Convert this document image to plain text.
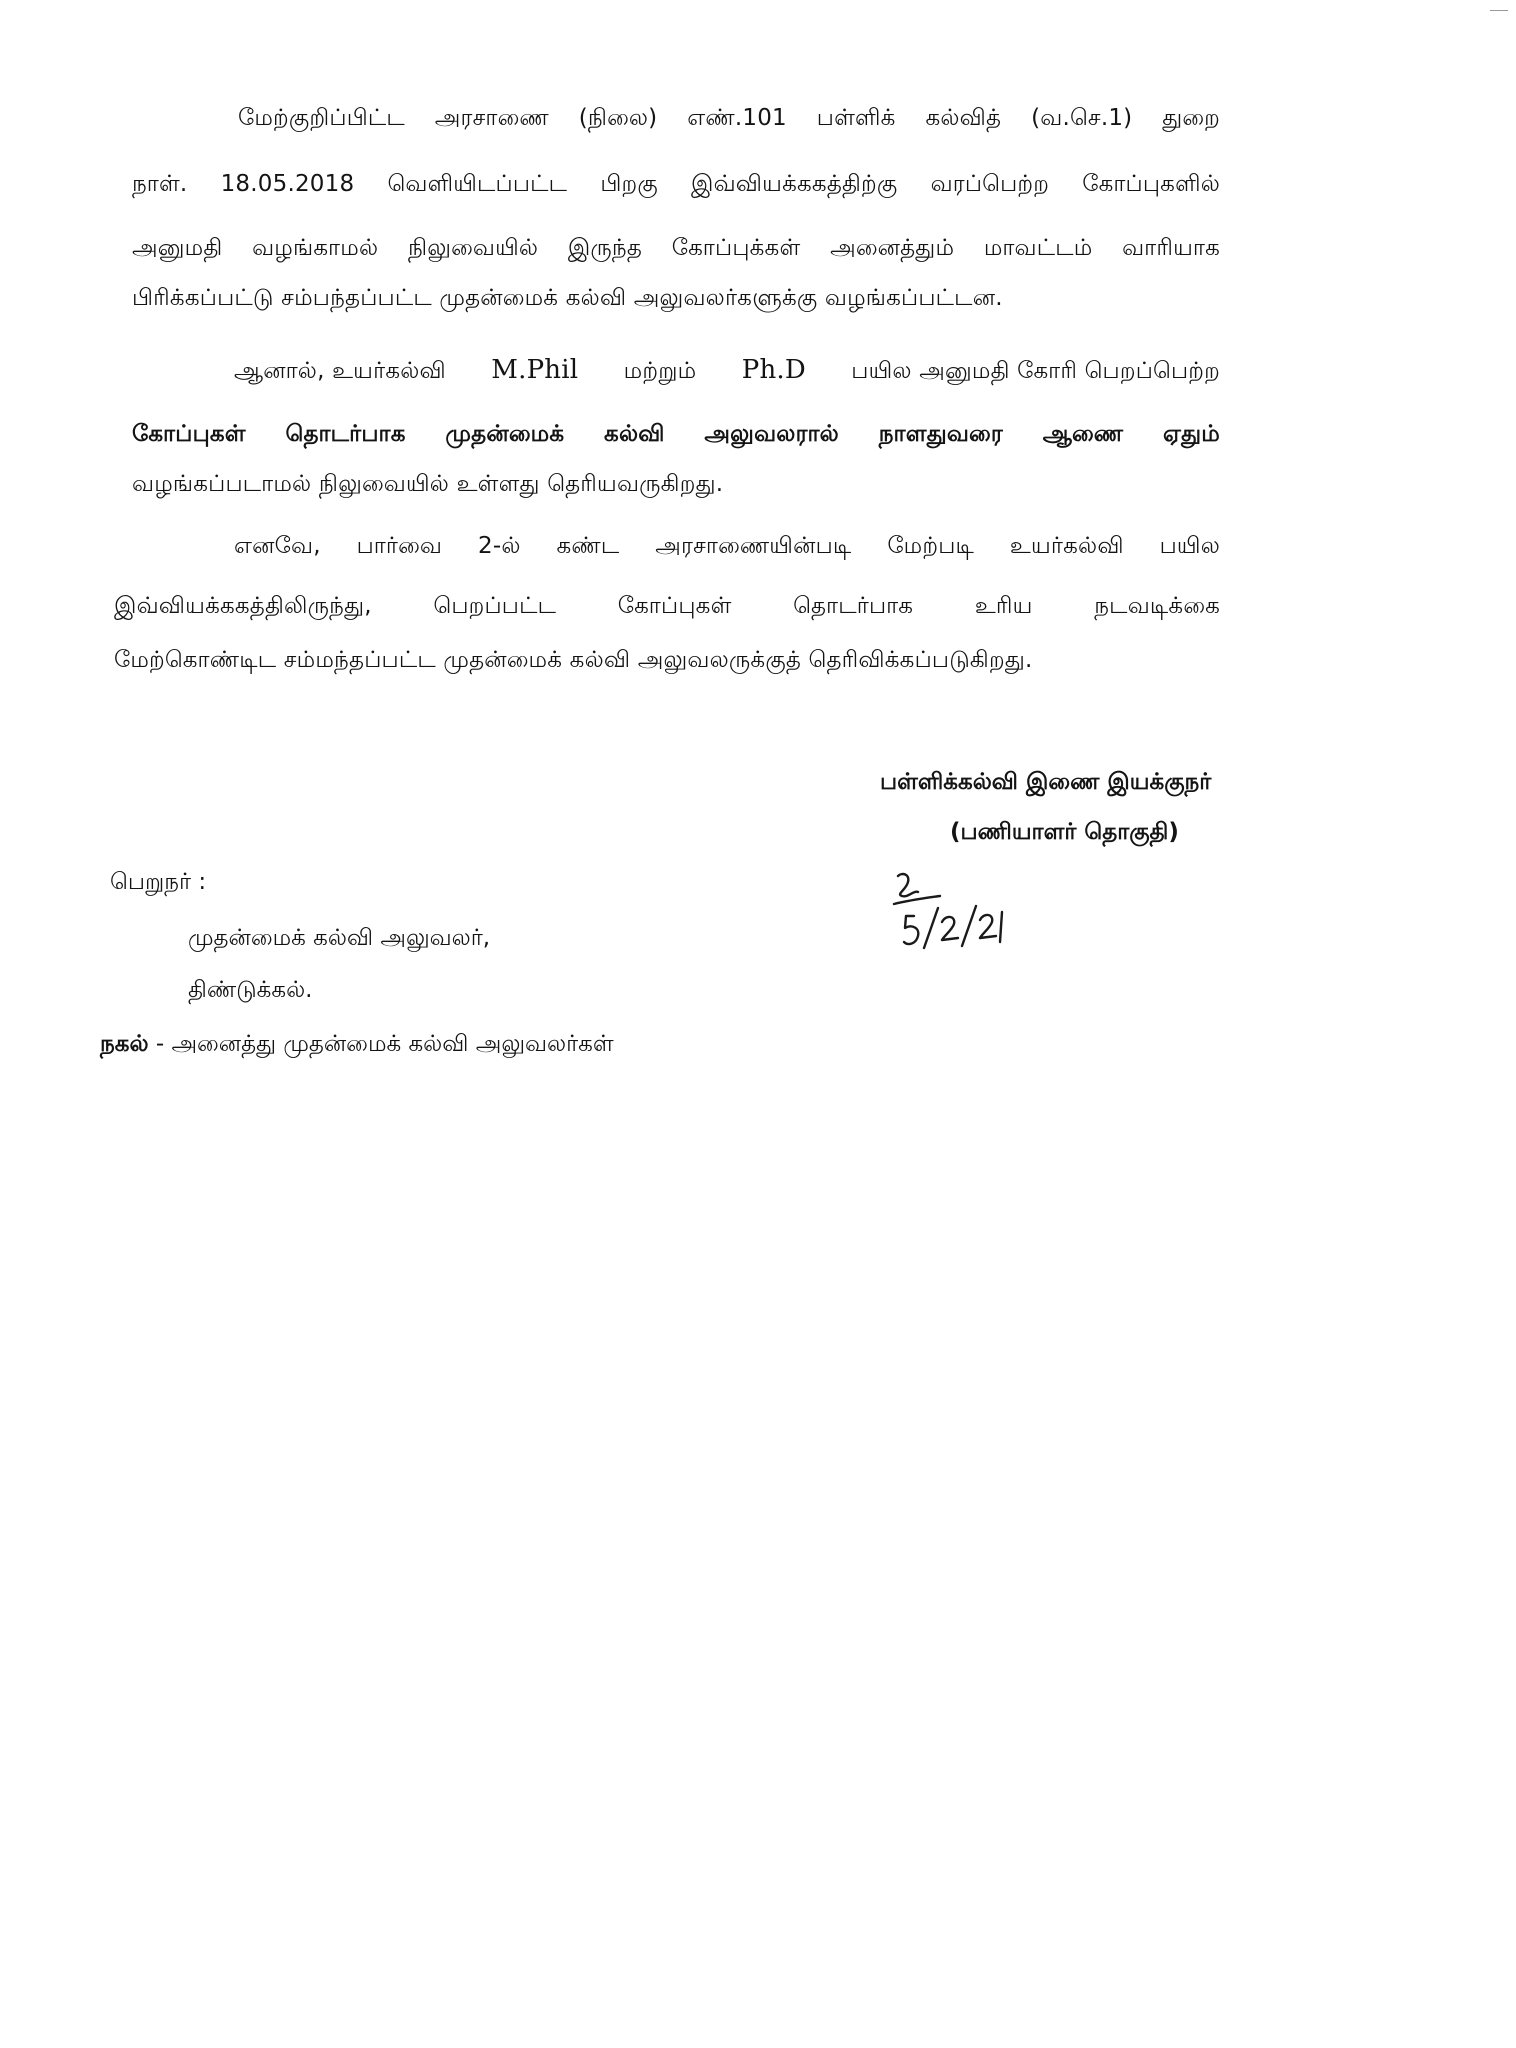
மேற்குறிப்பிட்ட அரசாணை (நிலை) எண்.101 பள்ளிக் கல்வித் (வ.செ.1) துறை
நாள். 18.05.2018 வெளியிடப்பட்ட பிறகு இவ்வியக்ககத்திற்கு வரப்பெற்ற கோப்புகளில்
அனுமதி வழங்காமல் நிலுவையில் இருந்த கோப்புக்கள் அனைத்தும் மாவட்டம் வாரியாக
பிரிக்கப்பட்டு சம்பந்தப்பட்ட முதன்மைக் கல்வி அலுவலர்களுக்கு வழங்கப்பட்டன.
ஆனால், உயர்கல்வி M.Phil மற்றும் Ph.D பயில அனுமதி கோரி பெறப்பெற்ற
கோப்புகள் தொடர்பாக முதன்மைக் கல்வி அலுவலரால் நாளதுவரை ஆணை ஏதும்
வழங்கப்படாமல் நிலுவையில் உள்ளது தெரியவருகிறது.
எனவே, பார்வை 2-ல் கண்ட அரசாணையின்படி மேற்படி உயர்கல்வி பயில
இவ்வியக்ககத்திலிருந்து, பெறப்பட்ட கோப்புகள் தொடர்பாக உரிய நடவடிக்கை
மேற்கொண்டிட சம்மந்தப்பட்ட முதன்மைக் கல்வி அலுவலருக்குத் தெரிவிக்கப்படுகிறது.
பள்ளிக்கல்வி இணை இயக்குநர்
(பணியாளர் தொகுதி)
பெறுநர் :
முதன்மைக் கல்வி அலுவலர்,
திண்டுக்கல்.
நகல் - அனைத்து முதன்மைக் கல்வி அலுவலர்கள்
